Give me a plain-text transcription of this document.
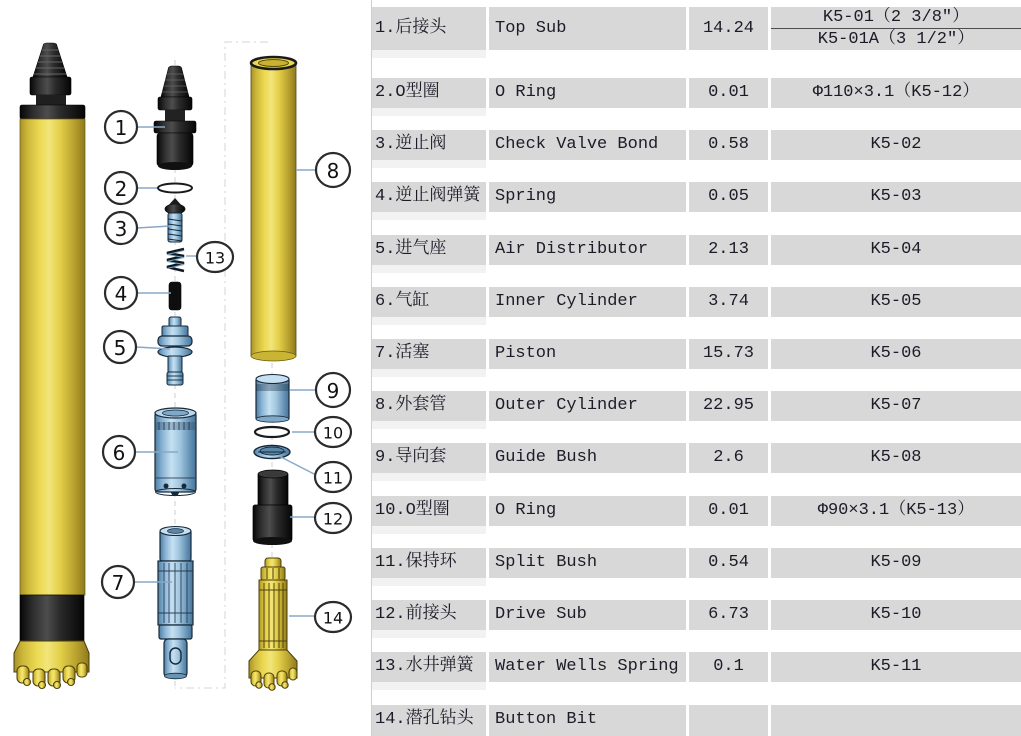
1
2
3
4
5
6
7
8
9
10
11
12
13
14
1.后接头	Top Sub	14.24
K5-01（2 3/8″）
K5-01A（3 1/2″）
2.O型圈	O Ring	0.01	Φ110×3.1（K5-12）
3.逆止阀	Check Valve Bond	0.58	K5-02
4.逆止阀弹簧 Spring	0.05	K5-03
5.进气座	Air Distributor	2.13	K5-04
6.气缸	Inner Cylinder	3.74	K5-05
7.活塞	Piston	15.73	K5-06
8.外套管	Outer Cylinder	22.95	K5-07
9.导向套	Guide Bush	2.6	K5-08
10.O型圈	O Ring	0.01	Φ90×3.1（K5-13）
11.保持环	Split Bush	0.54	K5-09
12.前接头	Drive Sub	6.73	K5-10
13.水井弹簧	Water Wells Spring	0.1	K5-11
14.潜孔钻头	Button Bit
